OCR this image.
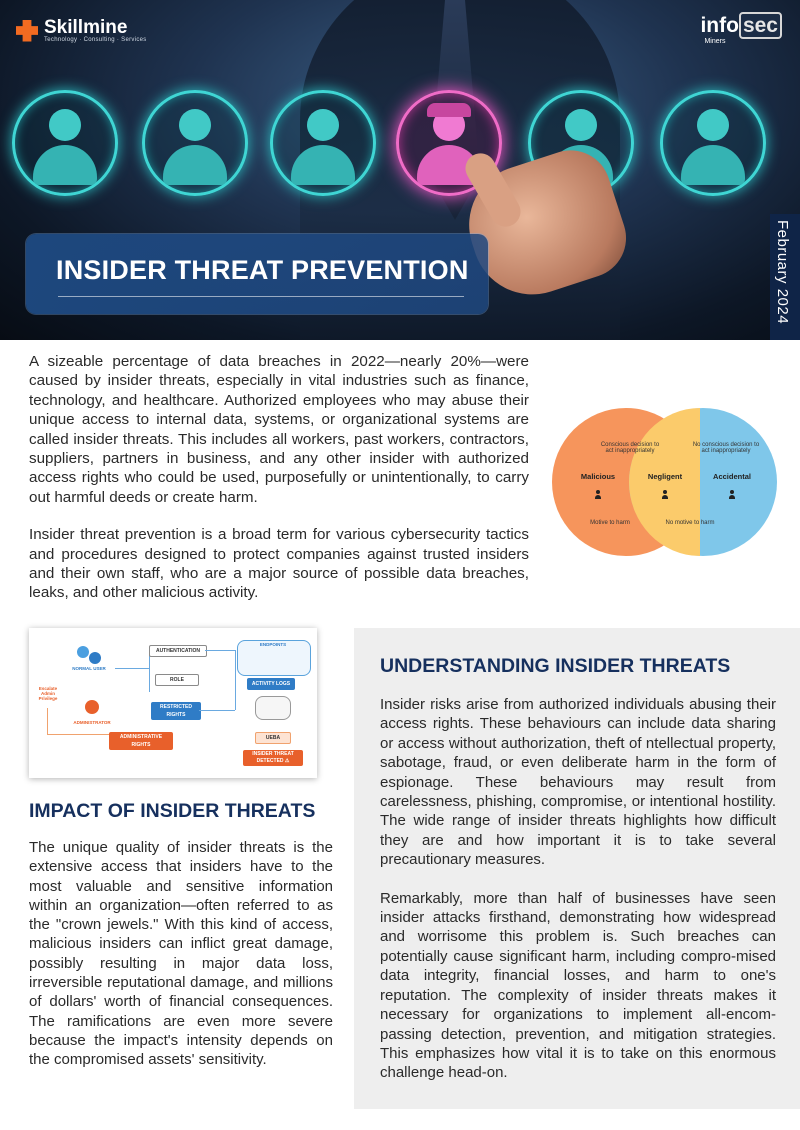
Skillmine
Technology · Consulting · Services
info sec
Miners
INSIDER THREAT PREVENTION	February 2024

A sizeable percentage of data breaches in 2022—nearly 20%—were caused by insider threats, especially in vital industries such as finance, technology, and healthcare. Authorized employees who may abuse their unique access to internal data, systems, or organizational systems are called insider threats. This includes all workers, past workers, contractors, suppliers, partners in business, and any other insider with authorized access rights who could be used, purposefully or unintentionally, to carry out harmful deeds or create harm.

Insider threat prevention is a broad term for various cybersecurity tactics and procedures designed to protect companies against trusted insiders and their own staff, who are a major source of possible data breaches, leaks, and other malicious activity.

Conscious decision to act inappropriately
No conscious decision to act inappropriately
Malicious	Negligent	Accidental
Motive to harm	No motive to harm
Escalate Admin Privilege
NORMAL USER
ADMINISTRATOR
AUTHENTICATION
ROLE
RESTRICTED RIGHTS
ADMINISTRATIVE RIGHTS
ENDPOINTS
ACTIVITY LOGS
UEBA
INSIDER THREAT DETECTED ⚠
IMPACT OF INSIDER THREATS
The unique quality of insider threats is the extensive access that insiders have to the most valuable and sensitive information within an organization—often referred to as the "crown jewels." With this kind of access, malicious insiders can inflict great damage, possibly resulting in major data loss, irreversible reputational damage, and millions of dollars' worth of financial consequences. The ramifications are even more severe because the impact's intensity depends on the compromised assets' sensitivity.
UNDERSTANDING INSIDER THREATS

Insider risks arise from authorized individuals abusing their access rights. These behaviours can include data sharing or access without authorization, theft of ntellectual property, sabotage, fraud, or even deliberate harm in the form of espionage. These behaviours may result from carelessness, phishing, compromise, or intentional hostility. The wide range of insider threats highlights how difficult they are and how important it is to take several precautionary measures.

Remarkably, more than half of businesses have seen insider attacks firsthand, demonstrating how widespread and worrisome this problem is. Such breaches can potentially cause significant harm, including compro-mised data integrity, financial losses, and harm to one's reputation. The complexity of insider threats makes it necessary for organizations to implement all-encom-passing detection, prevention, and mitigation strategies. This emphasizes how vital it is to take on this enormous challenge head-on.
